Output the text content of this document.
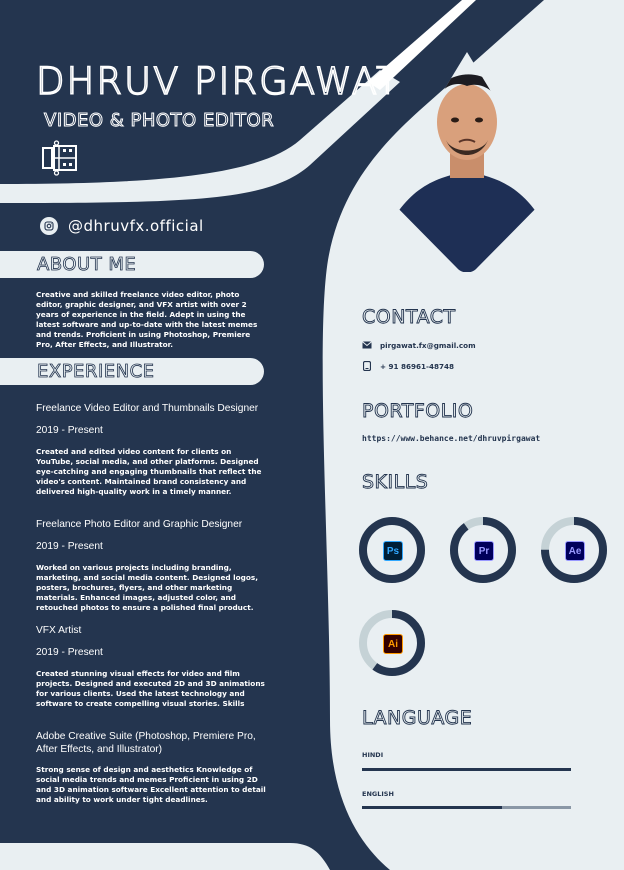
DHRUV PIRGAWAT
VIDEO & PHOTO EDITOR
@dhruvfx.official
ABOUT ME
Creative and skilled freelance video editor, photo editor, graphic designer, and VFX artist with over 2 years of experience in the field. Adept in using the latest software and up-to-date with the latest memes and trends. Proficient in using Photoshop, Premiere Pro, After Effects, and Illustrator.
EXPERIENCE
Freelance Video Editor and Thumbnails Designer
2019 - Present
Created and edited video content for clients on YouTube, social media, and other platforms. Designed eye-catching and engaging thumbnails that reflect the video's content. Maintained brand consistency and delivered high-quality work in a timely manner.
Freelance Photo Editor and Graphic Designer
2019 - Present
Worked on various projects including branding, marketing, and social media content. Designed logos, posters, brochures, flyers, and other marketing materials. Enhanced images, adjusted color, and retouched photos to ensure a polished final product.
VFX Artist
2019 - Present
Created stunning visual effects for video and film projects. Designed and executed 2D and 3D animations for various clients. Used the latest technology and software to create compelling visual stories. Skills
Adobe Creative Suite (Photoshop, Premiere Pro, After Effects, and Illustrator)
Strong sense of design and aesthetics Knowledge of social media trends and memes Proficient in using 2D and 3D animation software Excellent attention to detail and ability to work under tight deadlines.
CONTACT
pirgawat.fx@gmail.com
+ 91 86961-48748
PORTFOLIO
https://www.behance.net/dhruvpirgawat
SKILLS
Ps	Pr	Ae
Ai
LANGUAGE
HINDI
ENGLISH
